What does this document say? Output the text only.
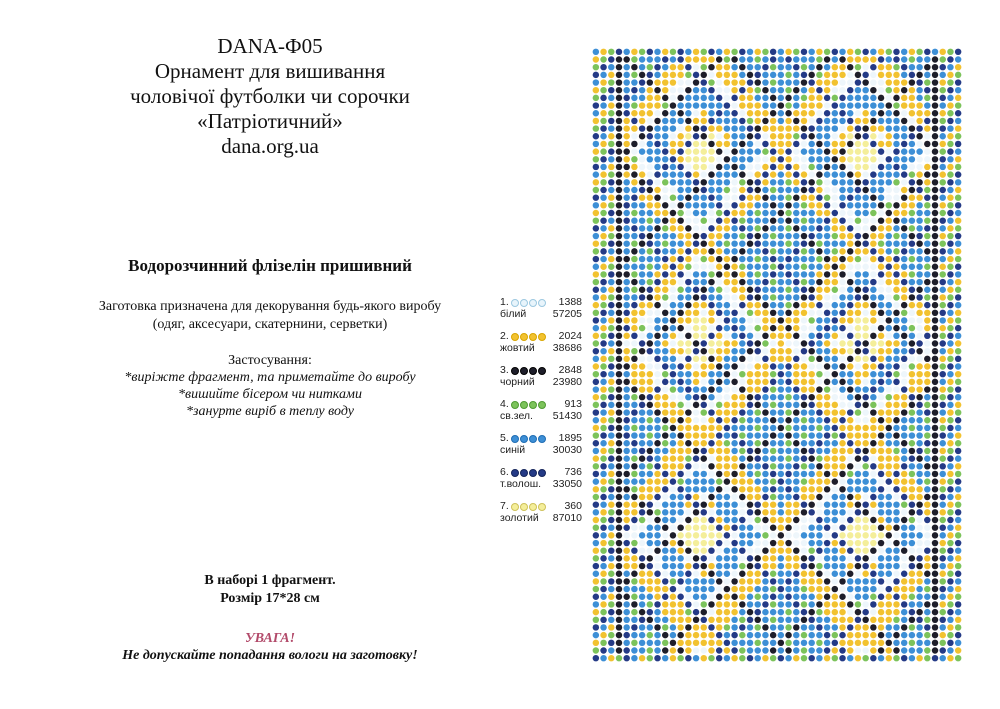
DANA-Ф05
Орнамент для вишивання
чоловічої футболки чи сорочки
«Патріотичний»
dana.org.ua
Водорозчинний флізелін пришивний
Заготовка призначена для декорування будь-якого виробу
(одяг, аксесуари, скатернини, серветки)
Застосування:
*виріжте фрагмент, та приметайте до виробу
*вишийте бісером чи нитками
*занурте виріб в теплу воду
В наборі 1 фрагмент.
Розмір 17*28 см
УВАГА!
Не допускайте попадання вологи на заготовку!
1.	1388
білий	57205
2.	2024
жовтий 38686
3.	2848
чорний 23980
4.	913
св.зел. 51430
5.	1895
синій	30030
6.	736
т.волош. 33050
7.	360
золотий 87010
